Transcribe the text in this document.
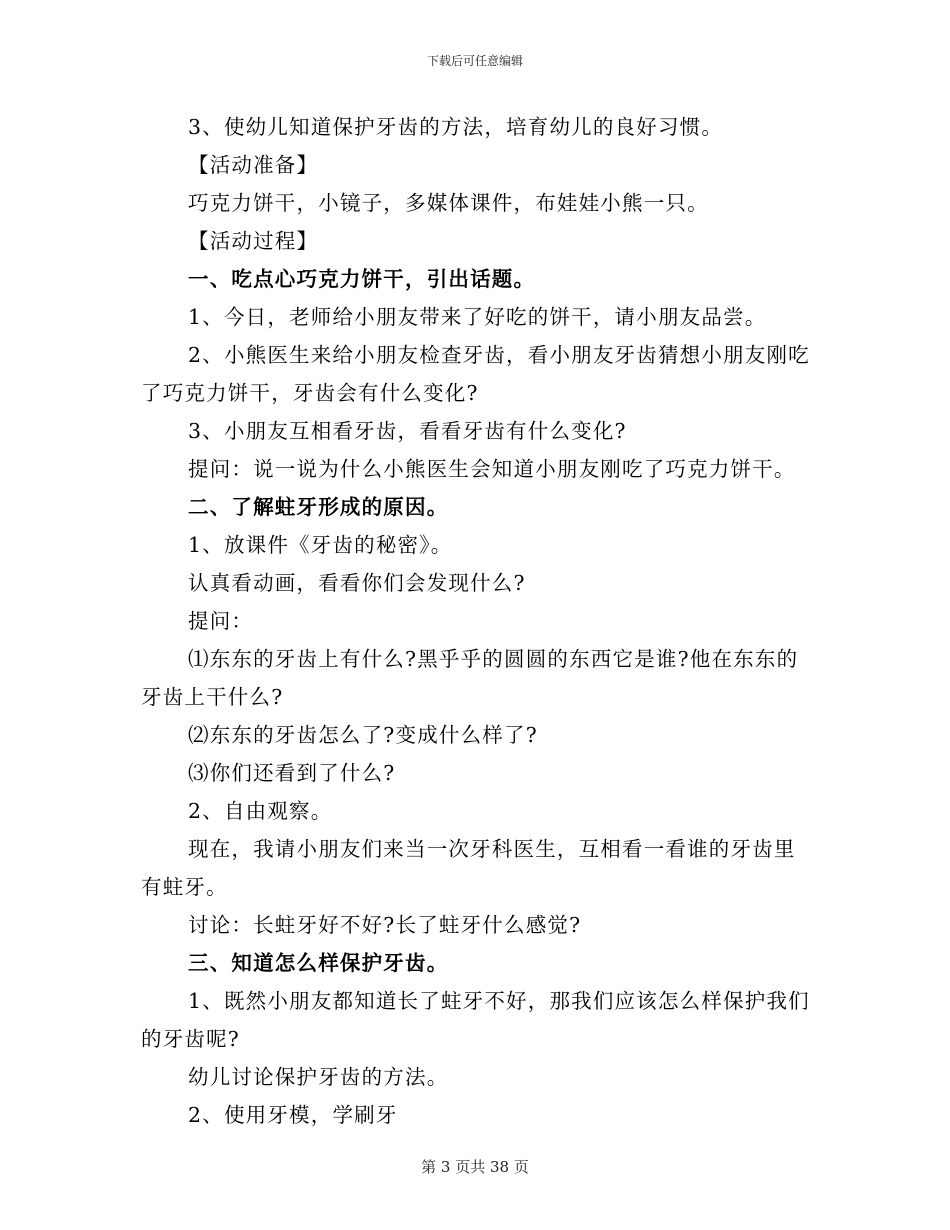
下载后可任意编辑

3、使幼儿知道保护牙齿的方法，培育幼儿的良好习惯。

【活动准备】

巧克力饼干，小镜子，多媒体课件，布娃娃小熊一只。

【活动过程】

一、吃点心巧克力饼干，引出话题。

1、今日，老师给小朋友带来了好吃的饼干，请小朋友品尝。

2、小熊医生来给小朋友检查牙齿，看小朋友牙齿猜想小朋友刚吃了巧克力饼干，牙齿会有什么变化?

3、小朋友互相看牙齿，看看牙齿有什么变化?

提问：说一说为什么小熊医生会知道小朋友刚吃了巧克力饼干。

二、了解蛀牙形成的原因。

1、放课件《牙齿的秘密》。

认真看动画，看看你们会发现什么?

提问：

⑴东东的牙齿上有什么?黑乎乎的圆圆的东西它是谁?他在东东的牙齿上干什么?

⑵东东的牙齿怎么了?变成什么样了?

⑶你们还看到了什么?

2、自由观察。

现在，我请小朋友们来当一次牙科医生，互相看一看谁的牙齿里有蛀牙。

讨论：长蛀牙好不好?长了蛀牙什么感觉?

三、知道怎么样保护牙齿。

1、既然小朋友都知道长了蛀牙不好，那我们应该怎么样保护我们的牙齿呢?

幼儿讨论保护牙齿的方法。

2、使用牙模，学刷牙

第 3 页共 38 页
